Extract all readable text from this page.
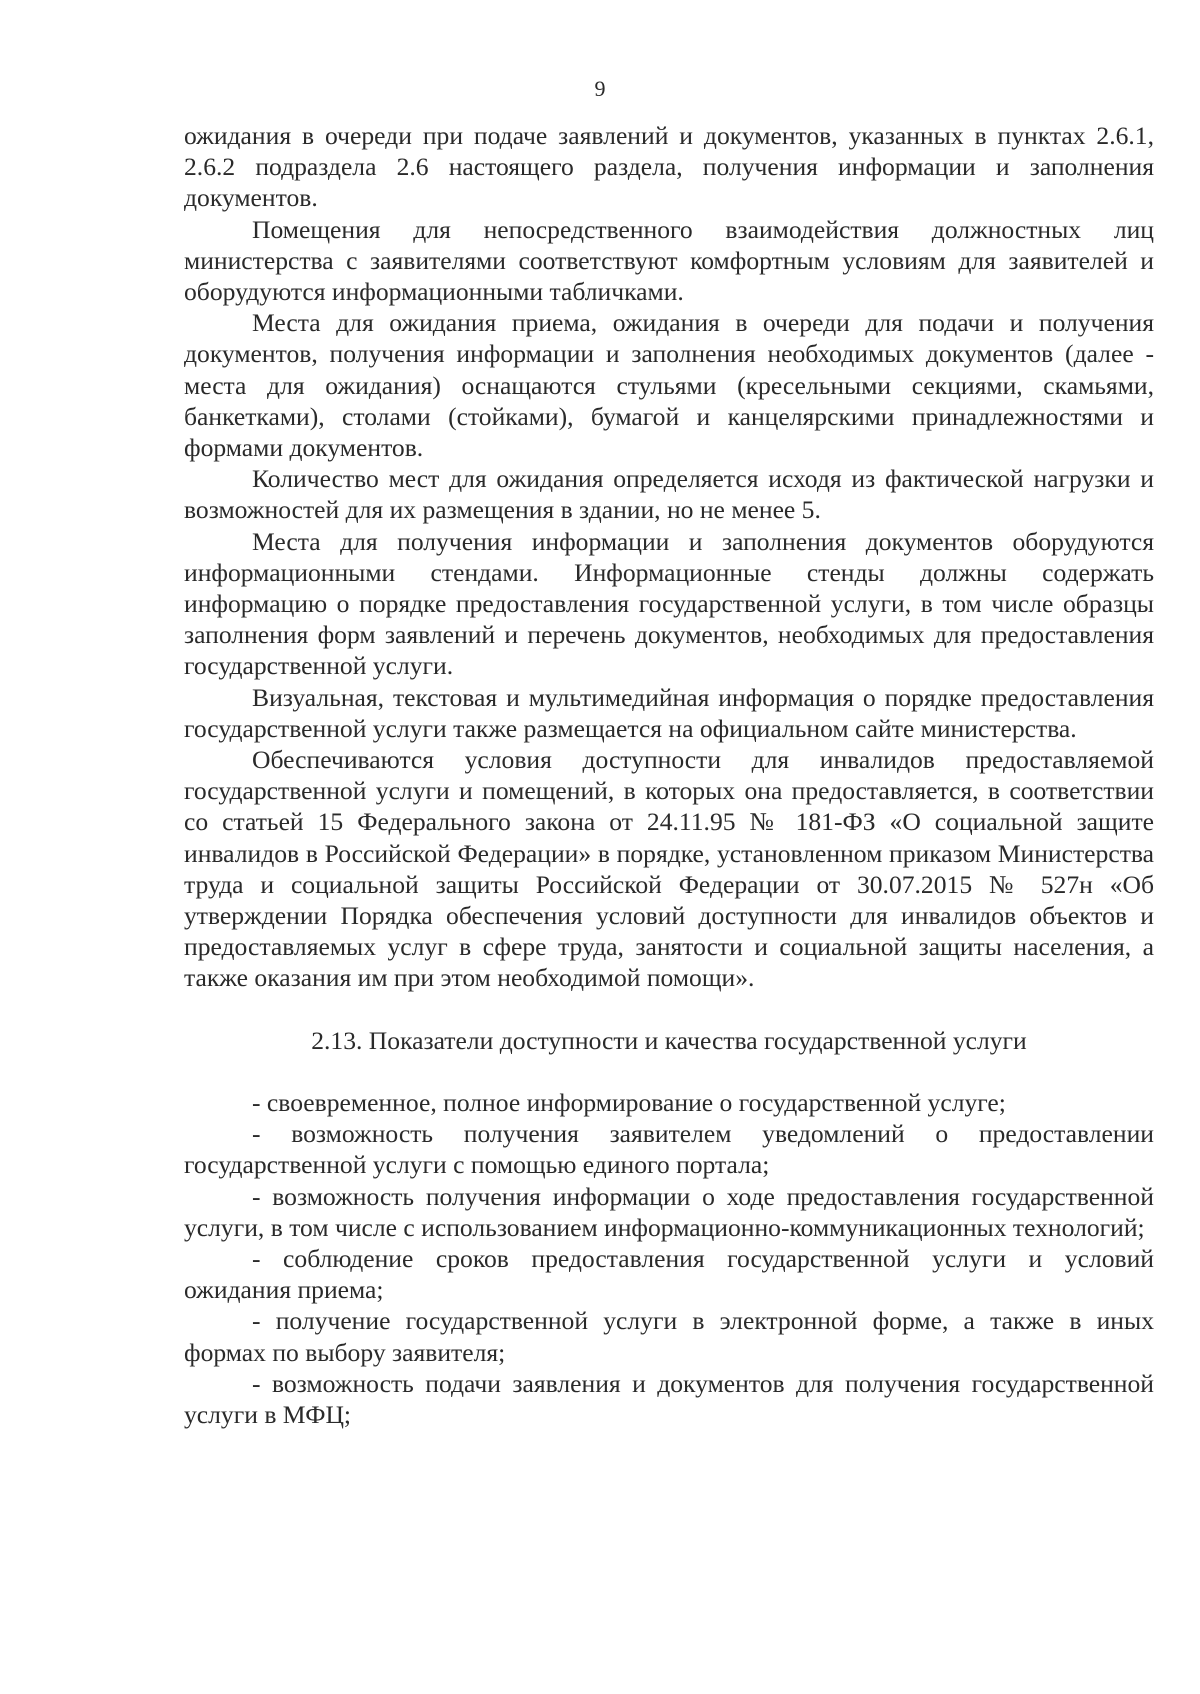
9

ожидания в очереди при подаче заявлений и документов, указанных в пунктах 2.6.1, 2.6.2 подраздела 2.6 настоящего раздела, получения информации и заполнения документов.

Помещения для непосредственного взаимодействия должностных лиц министерства с заявителями соответствуют комфортным условиям для заявителей и оборудуются информационными табличками.

Места для ожидания приема, ожидания в очереди для подачи и получения документов, получения информации и заполнения необходимых документов (далее - места для ожидания) оснащаются стульями (кресельными секциями, скамьями, банкетками), столами (стойками), бумагой и канцелярскими принадлежностями и формами документов.

Количество мест для ожидания определяется исходя из фактической нагрузки и возможностей для их размещения в здании, но не менее 5.

Места для получения информации и заполнения документов оборудуются информационными стендами. Информационные стенды должны содержать информацию о порядке предоставления государственной услуги, в том числе образцы заполнения форм заявлений и перечень документов, необходимых для предоставления государственной услуги.

Визуальная, текстовая и мультимедийная информация о порядке предоставления государственной услуги также размещается на официальном сайте министерства.

Обеспечиваются условия доступности для инвалидов предоставляемой государственной услуги и помещений, в которых она предоставляется, в соответствии со статьей 15 Федерального закона от 24.11.95 № 181-ФЗ «О социальной защите инвалидов в Российской Федерации» в порядке, установленном приказом Министерства труда и социальной защиты Российской Федерации от 30.07.2015 № 527н «Об утверждении Порядка обеспечения условий доступности для инвалидов объектов и предоставляемых услуг в сфере труда, занятости и социальной защиты населения, а также оказания им при этом необходимой помощи».

2.13. Показатели доступности и качества государственной услуги

- своевременное, полное информирование о государственной услуге;

- возможность получения заявителем уведомлений о предоставлении государственной услуги с помощью единого портала;

- возможность получения информации о ходе предоставления государственной услуги, в том числе с использованием информационно-коммуникационных технологий;

- соблюдение сроков предоставления государственной услуги и условий ожидания приема;

- получение государственной услуги в электронной форме, а также в иных формах по выбору заявителя;

- возможность подачи заявления и документов для получения государственной услуги в МФЦ;
